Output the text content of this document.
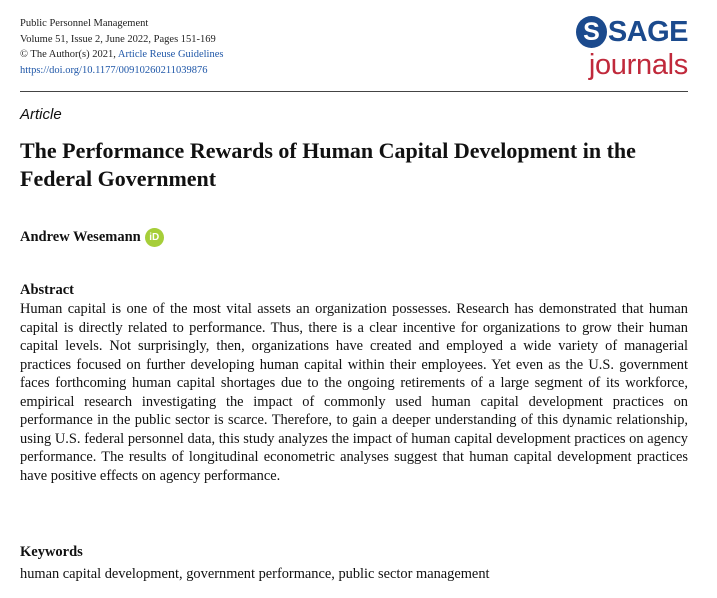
Public Personnel Management
Volume 51, Issue 2, June 2022, Pages 151-169
© The Author(s) 2021, Article Reuse Guidelines
https://doi.org/10.1177/00910260211039876
S SAGE
journals
Article
The Performance Rewards of Human Capital Development in the Federal Government
Andrew Wesemann iD
Abstract

Human capital is one of the most vital assets an organization possesses. Research has demonstrated that human capital is directly related to performance. Thus, there is a clear incentive for organizations to grow their human capital levels. Not surprisingly, then, organizations have created and employed a wide variety of managerial practices focused on further developing human capital within their employees. Yet even as the U.S. government faces forthcoming human capital shortages due to the ongoing retirements of a large segment of its workforce, empirical research investigating the impact of commonly used human capital development practices on performance in the public sector is scarce. Therefore, to gain a deeper understanding of this dynamic relationship, using U.S. federal personnel data, this study analyzes the impact of human capital development practices on agency performance. The results of longitudinal econometric analyses suggest that human capital development practices have positive effects on agency performance.

Keywords
human capital development, government performance, public sector management
